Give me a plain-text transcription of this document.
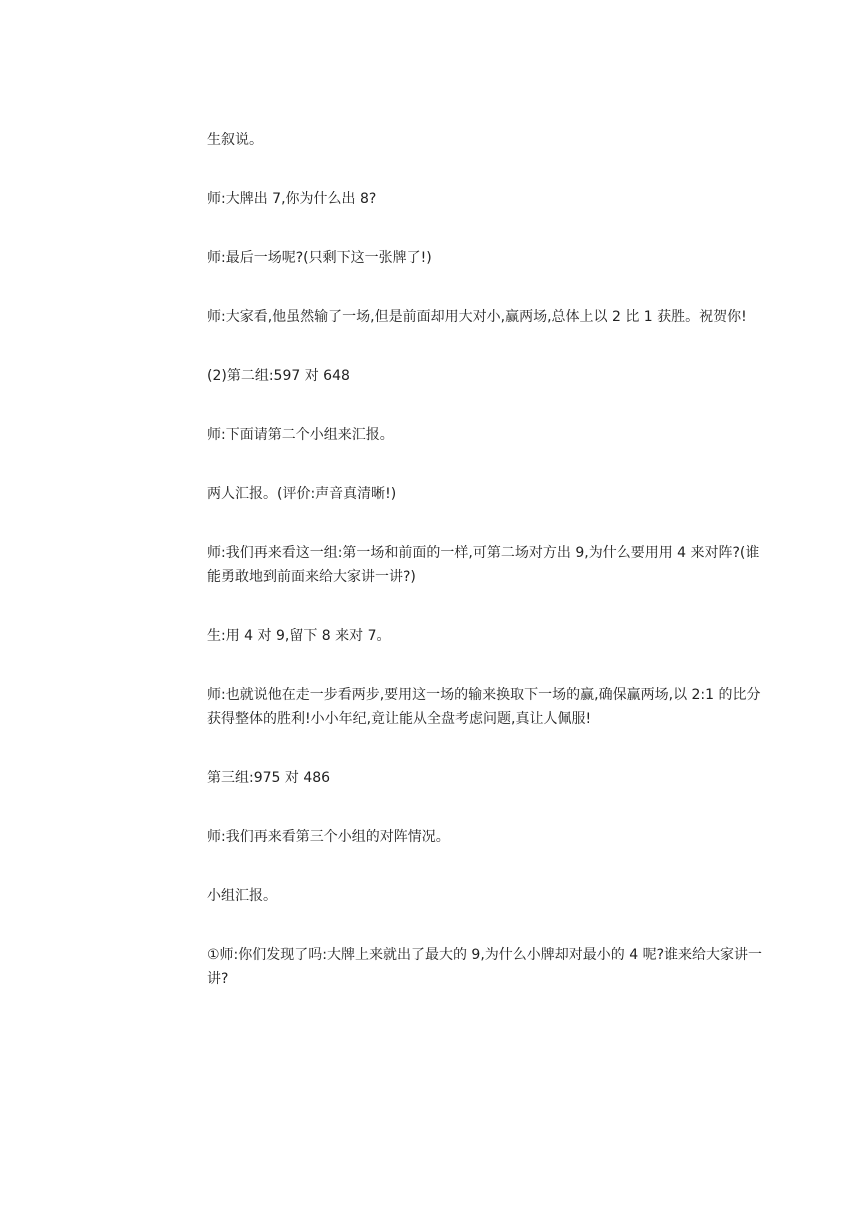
生叙说。

师:大牌出 7,你为什么出 8?

师:最后一场呢?(只剩下这一张牌了!)

师:大家看,他虽然输了一场,但是前面却用大对小,赢两场,总体上以 2 比 1 获胜。祝贺你!

(2)第二组:597 对 648

师:下面请第二个小组来汇报。

两人汇报。(评价:声音真清晰!)

师:我们再来看这一组:第一场和前面的一样,可第二场对方出 9,为什么要用用 4 来对阵?(谁能勇敢地到前面来给大家讲一讲?)

生:用 4 对 9,留下 8 来对 7。

师:也就说他在走一步看两步,要用这一场的输来换取下一场的赢,确保赢两场,以 2:1 的比分获得整体的胜利!小小年纪,竟让能从全盘考虑问题,真让人佩服!

第三组:975 对 486

师:我们再来看第三个小组的对阵情况。

小组汇报。

①师:你们发现了吗:大牌上来就出了最大的 9,为什么小牌却对最小的 4 呢?谁来给大家讲一讲?
